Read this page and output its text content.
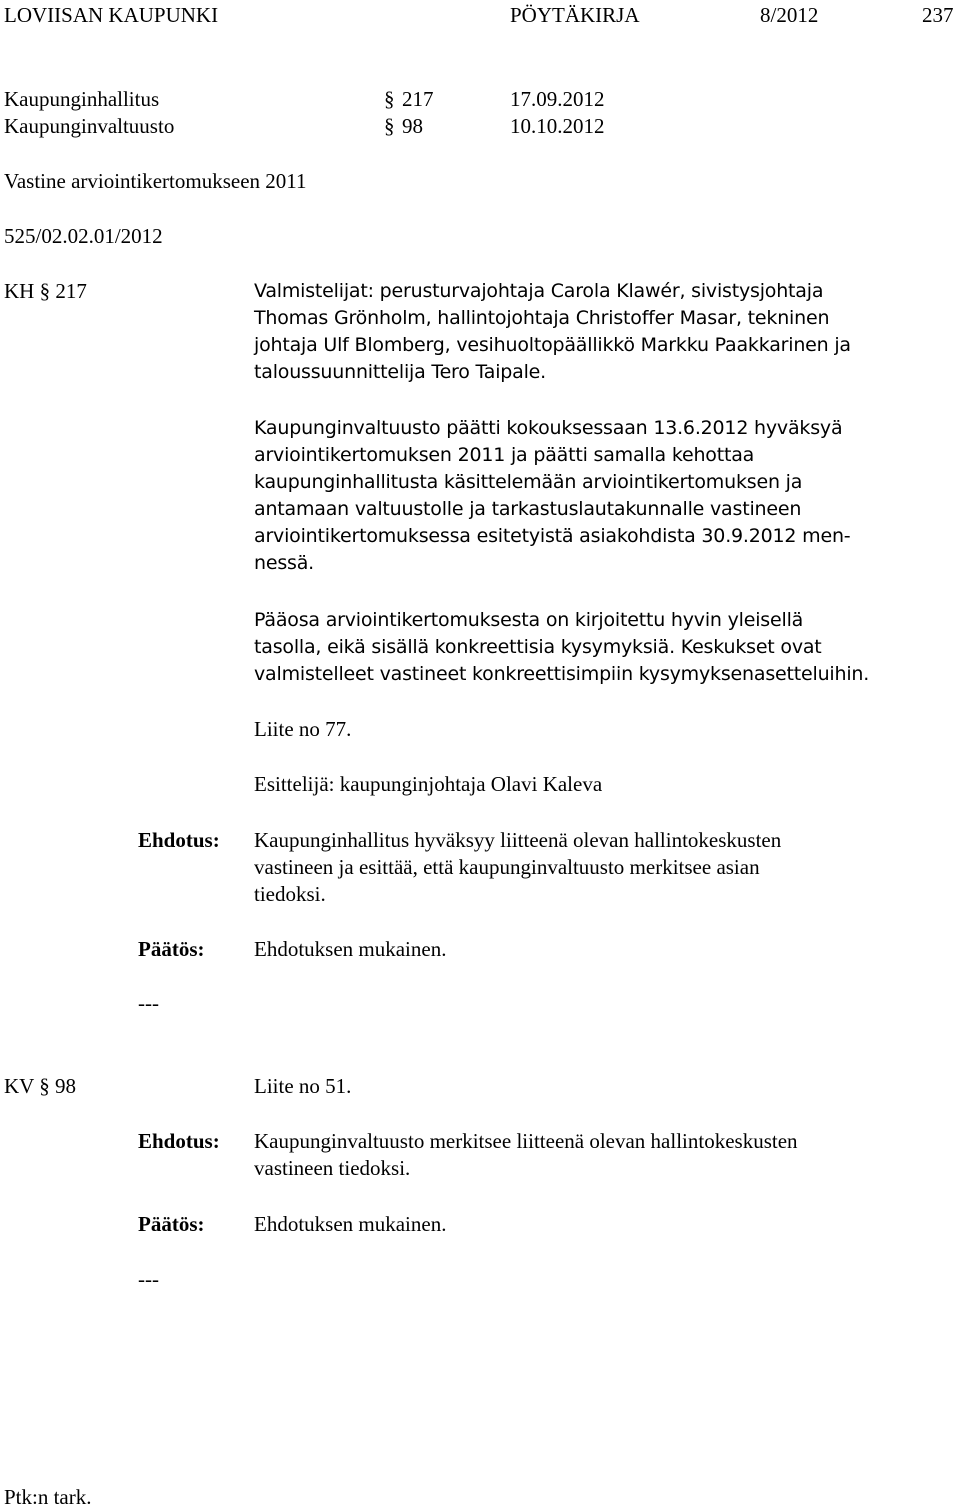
LOVIISAN KAUPUNKI	PÖYTÄKIRJA	8/2012	237
Kaupunginhallitus	§ 217	17.09.2012
Kaupunginvaltuusto	§ 98	10.10.2012
Vastine arviointikertomukseen 2011
525/02.02.01/2012
KH § 217	Valmistelijat: perusturvajohtaja Carola Klawér, sivistysjohtaja

Thomas Grönholm, hallintojohtaja Christoffer Masar, tekninen

johtaja Ulf Blomberg, vesihuoltopäällikkö Markku Paakkarinen ja

taloussuunnittelija Tero Taipale.

Kaupunginvaltuusto päätti kokouksessaan 13.6.2012 hyväksyä

arviointikertomuksen 2011 ja päätti samalla kehottaa

kaupunginhallitusta käsittelemään arviointikertomuksen ja

antamaan valtuustolle ja tarkastuslautakunnalle vastineen

arviointikertomuksessa esitetyistä asiakohdista 30.9.2012 men-

nessä.

Pääosa arviointikertomuksesta on kirjoitettu hyvin yleisellä

tasolla, eikä sisällä konkreettisia kysymyksiä. Keskukset ovat

valmistelleet vastineet konkreettisimpiin kysymyksenasetteluihin.

Liite no 77.
Esittelijä: kaupunginjohtaja Olavi Kaleva
Ehdotus: Kaupunginhallitus hyväksyy liitteenä olevan hallintokeskusten

vastineen ja esittää, että kaupunginvaltuusto merkitsee asian

tiedoksi.

Päätös: Ehdotuksen mukainen.
---
KV § 98	Liite no 51.
Ehdotus: Kaupunginvaltuusto merkitsee liitteenä olevan hallintokeskusten

vastineen tiedoksi.

Päätös: Ehdotuksen mukainen.
---
Ptk:n tark.
